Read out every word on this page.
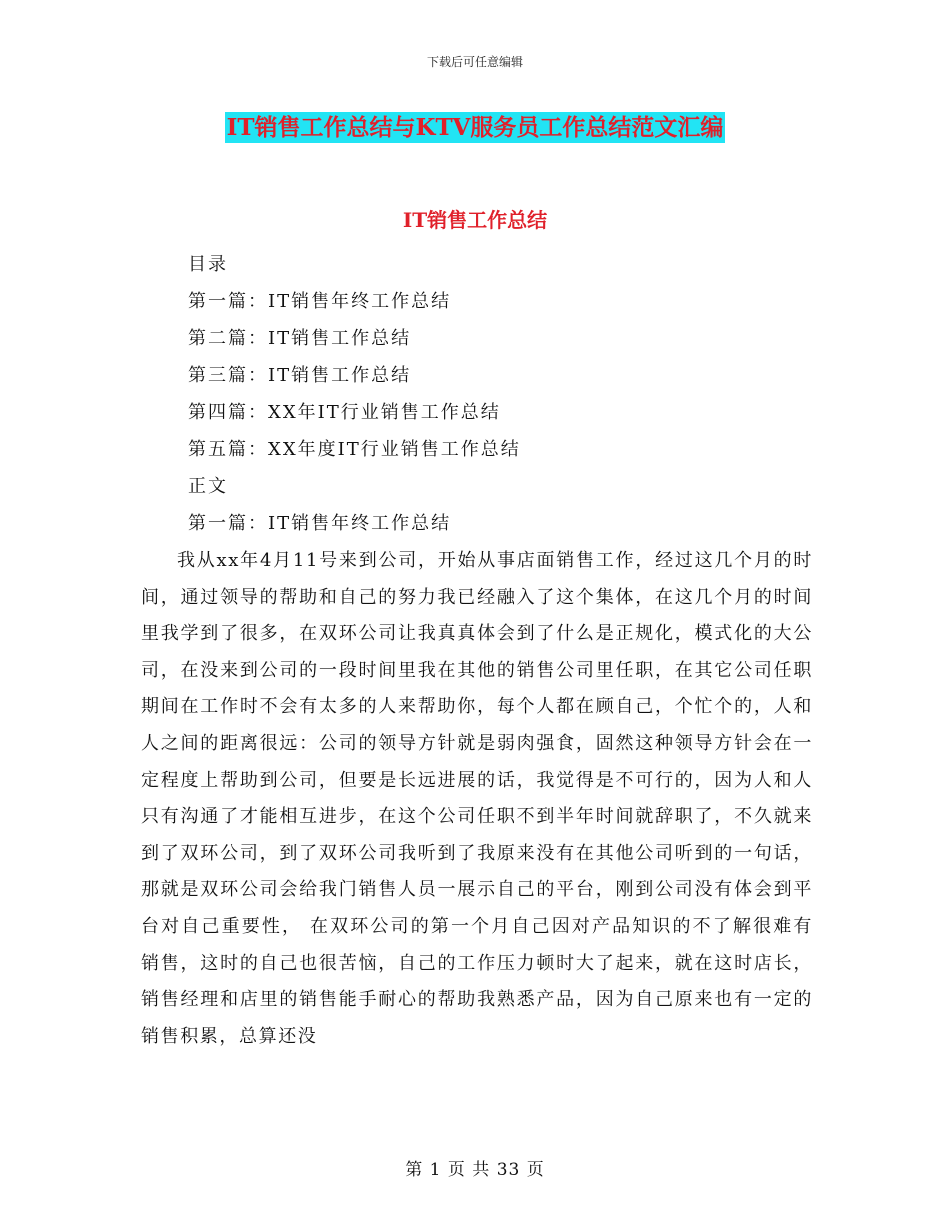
下载后可任意编辑
IT销售工作总结与KTV服务员工作总结范文汇编
IT销售工作总结
目录
第一篇：IT销售年终工作总结
第二篇：IT销售工作总结
第三篇：IT销售工作总结
第四篇：XX年IT行业销售工作总结
第五篇：XX年度IT行业销售工作总结
正文
第一篇：IT销售年终工作总结

我从xx年4月11号来到公司，开始从事店面销售工作，经过这几个月的时间，通过领导的帮助和自己的努力我已经融入了这个集体，在这几个月的时间里我学到了很多，在双环公司让我真真体会到了什么是正规化，模式化的大公司，在没来到公司的一段时间里我在其他的销售公司里任职，在其它公司任职期间在工作时不会有太多的人来帮助你，每个人都在顾自己，个忙个的，人和人之间的距离很远：公司的领导方针就是弱肉强食，固然这种领导方针会在一定程度上帮助到公司，但要是长远进展的话，我觉得是不可行的，因为人和人只有沟通了才能相互进步，在这个公司任职不到半年时间就辞职了，不久就来到了双环公司，到了双环公司我听到了我原来没有在其他公司听到的一句话，那就是双环公司会给我门销售人员一展示自己的平台，刚到公司没有体会到平台对自己重要性， 在双环公司的第一个月自己因对产品知识的不了解很难有销售，这时的自己也很苦恼，自己的工作压力顿时大了起来，就在这时店长，销售经理和店里的销售能手耐心的帮助我熟悉产品，因为自己原来也有一定的销售积累，总算还没

第 1 页 共 33 页
